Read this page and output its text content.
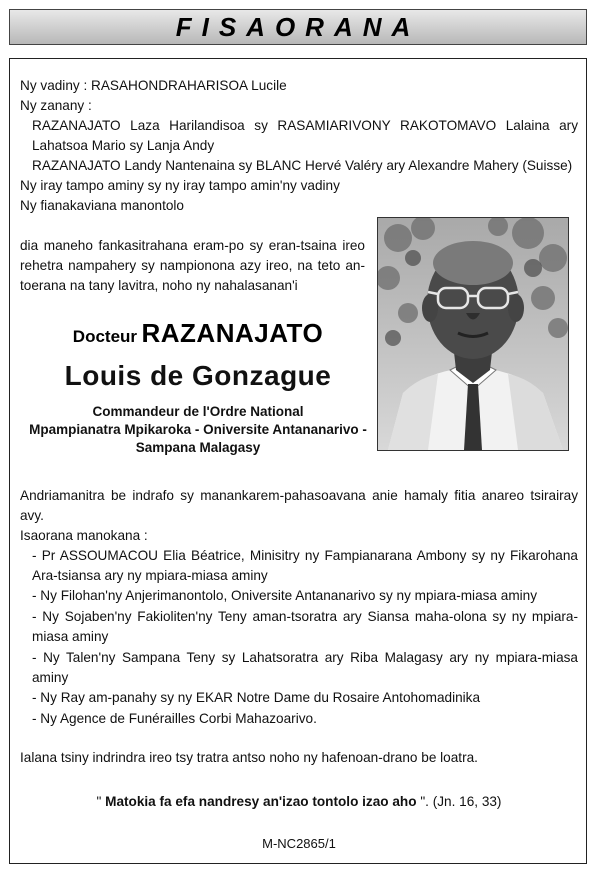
FISAORANA
Ny vadiny : RASAHONDRAHARISOA Lucile
Ny zanany :
RAZANAJATO Laza Harilandisoa sy RASAMIARIVONY RAKOTOMAVO Lalaina ary
Lahatsoa Mario sy Lanja Andy
RAZANAJATO Landy Nantenaina sy BLANC Hervé Valéry ary Alexandre Mahery (Suisse)
Ny iray tampo aminy sy ny iray tampo amin'ny vadiny
Ny fianakaviana manontolo
dia maneho fankasitrahana eram-po sy eran-tsaina ireo
rehetra nampahery sy nampionona azy ireo, na teto an-
toerana na tany lavitra, noho ny nahalasanan'i
Docteur RAZANAJATO
Louis de Gonzague
Commandeur de l'Ordre National
Mpampianatra Mpikaroka - Oniversite Antananarivo -
Sampana Malagasy
Andriamanitra be indrafo sy manankarem-pahasoavana anie hamaly fitia anareo tsirairay
avy.
Isaorana manokana :
- Pr ASSOUMACOU Elia Béatrice, Minisitry ny Fampianarana Ambony sy ny Fikarohana
Ara-tsiansa ary ny mpiara-miasa aminy
- Ny Filohan'ny Anjerimanontolo, Oniversite Antananarivo sy ny mpiara-miasa aminy
- Ny Sojaben'ny Fakioliten'ny Teny aman-tsoratra ary Siansa maha-olona sy ny mpiara-
miasa aminy
- Ny Talen'ny Sampana Teny sy Lahatsoratra ary Riba Malagasy ary ny mpiara-miasa
aminy
- Ny Ray am-panahy sy ny EKAR Notre Dame du Rosaire Antohomadinika
- Ny Agence de Funérailles Corbi Mahazoarivo.
Ialana tsiny indrindra ireo tsy tratra antso noho ny hafenoan-drano be loatra.
" Matokia fa efa nandresy an'izao tontolo izao aho ". (Jn. 16, 33)
M-NC2865/1
